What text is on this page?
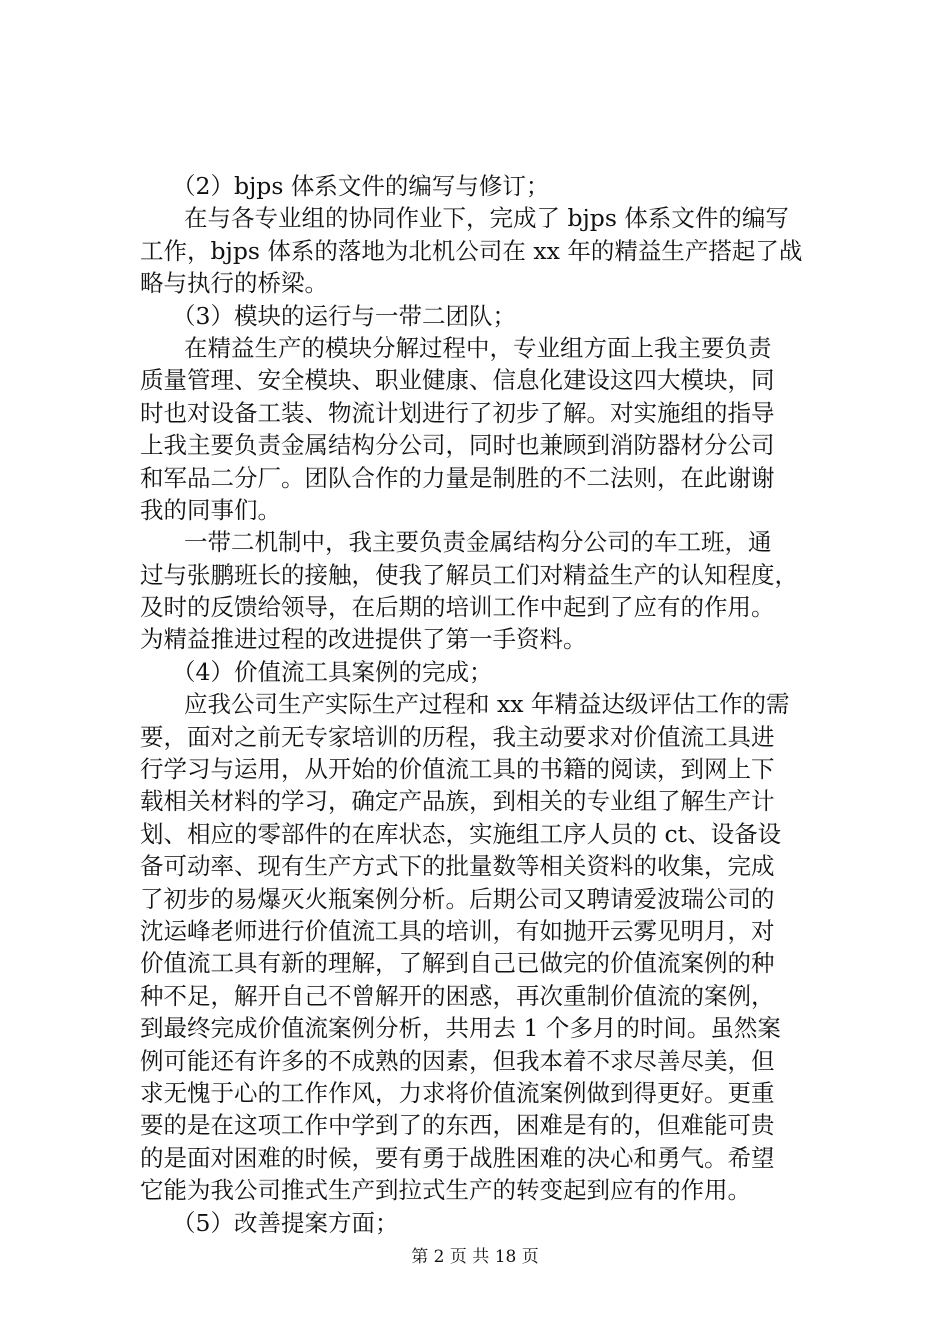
（2）bjps 体系文件的编写与修订；
在与各专业组的协同作业下，完成了 bjps 体系文件的编写
工作，bjps 体系的落地为北机公司在 xx 年的精益生产搭起了战
略与执行的桥梁。
（3）模块的运行与一带二团队；
在精益生产的模块分解过程中，专业组方面上我主要负责
质量管理、安全模块、职业健康、信息化建设这四大模块，同
时也对设备工装、物流计划进行了初步了解。对实施组的指导
上我主要负责金属结构分公司，同时也兼顾到消防器材分公司
和军品二分厂。团队合作的力量是制胜的不二法则，在此谢谢
我的同事们。
一带二机制中，我主要负责金属结构分公司的车工班，通
过与张鹏班长的接触，使我了解员工们对精益生产的认知程度，
及时的反馈给领导，在后期的培训工作中起到了应有的作用。
为精益推进过程的改进提供了第一手资料。
（4）价值流工具案例的完成；
应我公司生产实际生产过程和 xx 年精益达级评估工作的需
要，面对之前无专家培训的历程，我主动要求对价值流工具进
行学习与运用，从开始的价值流工具的书籍的阅读，到网上下
载相关材料的学习，确定产品族，到相关的专业组了解生产计
划、相应的零部件的在库状态，实施组工序人员的 ct、设备设
备可动率、现有生产方式下的批量数等相关资料的收集，完成
了初步的易爆灭火瓶案例分析。后期公司又聘请爱波瑞公司的
沈运峰老师进行价值流工具的培训，有如抛开云雾见明月，对
价值流工具有新的理解，了解到自己已做完的价值流案例的种
种不足，解开自己不曾解开的困惑，再次重制价值流的案例，
到最终完成价值流案例分析，共用去 1 个多月的时间。虽然案
例可能还有许多的不成熟的因素，但我本着不求尽善尽美，但
求无愧于心的工作作风，力求将价值流案例做到得更好。更重
要的是在这项工作中学到了的东西，困难是有的，但难能可贵
的是面对困难的时候，要有勇于战胜困难的决心和勇气。希望
它能为我公司推式生产到拉式生产的转变起到应有的作用。
（5）改善提案方面；
第 2 页 共 18 页
